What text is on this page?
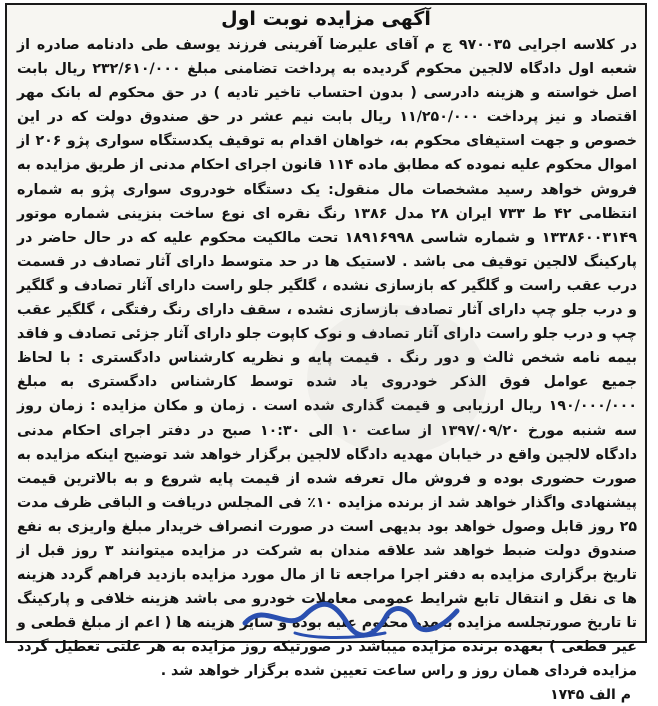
آگهی مزایده نوبت اول

در کلاسه اجرایی ۹۷۰۰۳۵ ج م آقای علیرضا آفرینی فرزند یوسف طی دادنامه صادره از شعبه اول دادگاه لالجین محکوم گردیده به پرداخت تضامنی مبلغ ۲۳۲/۶۱۰/۰۰۰ ریال بابت اصل خواسته و هزینه دادرسی ( بدون احتساب تاخیر تادیه ) در حق محکوم له بانک مهر اقتصاد و نیز پرداخت ۱۱/۲۵۰/۰۰۰ ریال بابت نیم عشر در حق صندوق دولت که در این خصوص و جهت استیفای محکوم به، خواهان اقدام به توقیف یکدستگاه سواری پژو ۲۰۶ از اموال محکوم علیه نموده که مطابق ماده ۱۱۴ قانون اجرای احکام مدنی از طریق مزایده به فروش خواهد رسید مشخصات مال منقول: یک دستگاه خودروی سواری پژو به شماره انتظامی ۴۲ ط ۷۳۳ ایران ۲۸ مدل ۱۳۸۶ رنگ نقره ای نوع ساخت بنزینی شماره موتور ۱۳۳۸۶۰۰۳۱۴۹ و شماره شاسی ۱۸۹۱۶۹۹۸ تحت مالکیت محکوم علیه که در حال حاضر در پارکینگ لالجین توقیف می باشد . لاستیک ها در حد متوسط دارای آثار تصادف در قسمت درب عقب راست و گلگیر که بازسازی نشده ، گلگیر جلو راست دارای آثار تصادف و گلگیر و درب جلو چپ دارای آثار تصادف بازسازی نشده ، سقف دارای رنگ رفتگی ، گلگیر عقب چپ و درب جلو راست دارای آثار تصادف و نوک کاپوت جلو دارای آثار جزئی تصادف و فاقد بیمه نامه شخص ثالث و دور رنگ . قیمت پایه و نظریه کارشناس دادگستری : با لحاظ جمیع عوامل فوق الذکر خودروی یاد شده توسط کارشناس دادگستری به مبلغ ۱۹۰/۰۰۰/۰۰۰ ریال ارزیابی و قیمت گذاری شده است . زمان و مکان مزایده : زمان روز سه شنبه مورخ ۱۳۹۷/۰۹/۲۰ از ساعت ۱۰ الی ۱۰:۳۰ صبح در دفتر اجرای احکام مدنی دادگاه لالجین واقع در خیابان مهدیه دادگاه لالجین برگزار خواهد شد توضیح اینکه مزایده به صورت حضوری بوده و فروش مال تعرفه شده از قیمت پایه شروع و به بالاترین قیمت پیشنهادی واگذار خواهد شد از برنده مزایده ۱۰٪ فی المجلس دریافت و الباقی ظرف مدت ۲۵ روز قابل وصول خواهد بود بدیهی است در صورت انصراف خریدار مبلغ واریزی به نفع صندوق دولت ضبط خواهد شد علاقه مندان به شرکت در مزایده میتوانند ۳ روز قبل از تاریخ برگزاری مزایده به دفتر اجرا مراجعه تا از مال مورد مزایده بازدید فراهم گردد هزینه ها ی نقل و انتقال تابع شرایط عمومی معاملات خودرو می باشد هزینه خلافی و پارکینگ تا تاریخ صورتجلسه مزایده بعهده محکوم علیه بوده و سایر هزینه ها ( اعم از مبلغ قطعی و غیر قطعی ) بعهده برنده مزایده میباشد در صورتیکه روز مزایده به هر علتی تعطیل گردد مزایده فردای همان روز و راس ساعت تعیین شده برگزار خواهد شد .

م الف ۱۷۴۵
